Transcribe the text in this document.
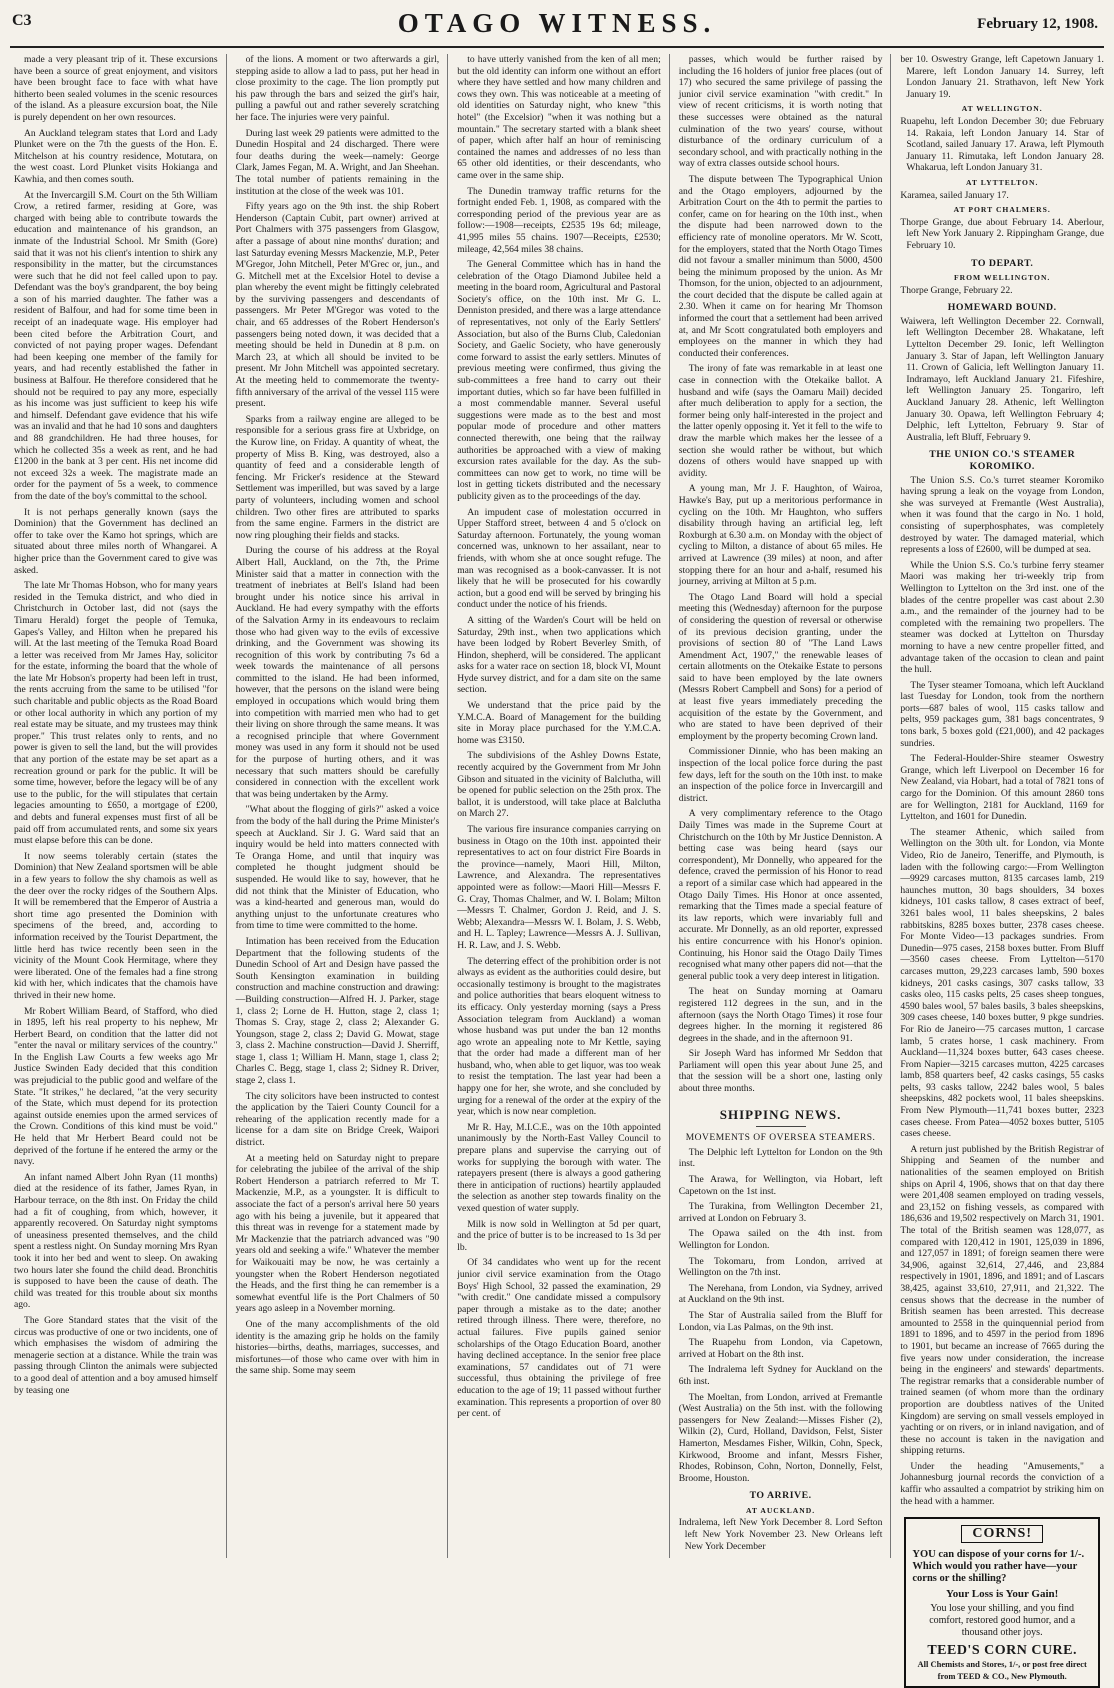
C3	OTAGO WITNESS.	February 12, 1908.

made a very pleasant trip of it. These excursions have been a source of great enjoyment, and visitors have been brought face to face with what have hitherto been sealed volumes in the scenic resources of the island. As a pleasure excursion boat, the Nile is purely dependent on her own resources.

An Auckland telegram states that Lord and Lady Plunket were on the 7th the guests of the Hon. E. Mitchelson at his country residence, Motutara, on the west coast. Lord Plunket visits Hokianga and Kawhia, and then comes south.

At the Invercargill S.M. Court on the 5th William Crow, a retired farmer, residing at Gore, was charged with being able to contribute towards the education and maintenance of his grandson, an inmate of the Industrial School. Mr Smith (Gore) said that it was not his client's intention to shirk any responsibility in the matter, but the circumstances were such that he did not feel called upon to pay. Defendant was the boy's grandparent, the boy being a son of his married daughter. The father was a resident of Balfour, and had for some time been in receipt of an inadequate wage. His employer had been cited before the Arbitration Court, and convicted of not paying proper wages. Defendant had been keeping one member of the family for years, and had recently established the father in business at Balfour. He therefore considered that he should not be required to pay any more, especially as his income was just sufficient to keep his wife and himself. Defendant gave evidence that his wife was an invalid and that he had 10 sons and daughters and 88 grandchildren. He had three houses, for which he collected 35s a week as rent, and he had £1200 in the bank at 3 per cent. His net income did not exceed 32s a week. The magistrate made an order for the payment of 5s a week, to commence from the date of the boy's committal to the school.

It is not perhaps generally known (says the Dominion) that the Government has declined an offer to take over the Kamo hot springs, which are situated about three miles north of Whangarei. A higher price than the Government cared to give was asked.

The late Mr Thomas Hobson, who for many years resided in the Temuka district, and who died in Christchurch in October last, did not (says the Timaru Herald) forget the people of Temuka, Gapes's Valley, and Hilton when he prepared his will. At the last meeting of the Temuka Road Board a letter was received from Mr James Hay, solicitor for the estate, informing the board that the whole of the late Mr Hobson's property had been left in trust, the rents accruing from the same to be utilised "for such charitable and public objects as the Road Board or other local authority in which any portion of my real estate may be situate, and my trustees may think proper." This trust relates only to rents, and no power is given to sell the land, but the will provides that any portion of the estate may be set apart as a recreation ground or park for the public. It will be some time, however, before the legacy will be of any use to the public, for the will stipulates that certain legacies amounting to £650, a mortgage of £200, and debts and funeral expenses must first of all be paid off from accumulated rents, and some six years must elapse before this can be done.

It now seems tolerably certain (states the Dominion) that New Zealand sportsmen will be able in a few years to follow the shy chamois as well as the deer over the rocky ridges of the Southern Alps. It will be remembered that the Emperor of Austria a short time ago presented the Dominion with specimens of the breed, and, according to information received by the Tourist Department, the little herd has twice recently been seen in the vicinity of the Mount Cook Hermitage, where they were liberated. One of the females had a fine strong kid with her, which indicates that the chamois have thrived in their new home.

Mr Robert William Beard, of Stafford, who died in 1895, left his real property to his nephew, Mr Herbert Beard, on condition that the latter did not "enter the naval or military services of the country." In the English Law Courts a few weeks ago Mr Justice Swinden Eady decided that this condition was prejudicial to the public good and welfare of the State. "It strikes," he declared, "at the very security of the State, which must depend for its protection against outside enemies upon the armed services of the Crown. Conditions of this kind must be void." He held that Mr Herbert Beard could not be deprived of the fortune if he entered the army or the navy.

An infant named Albert John Ryan (11 months) died at the residence of its father, James Ryan, in Harbour terrace, on the 8th inst. On Friday the child had a fit of coughing, from which, however, it apparently recovered. On Saturday night symptoms of uneasiness presented themselves, and the child spent a restless night. On Sunday morning Mrs Ryan took it into her bed and went to sleep. On awaking two hours later she found the child dead. Bronchitis is supposed to have been the cause of death. The child was treated for this trouble about six months ago.

The Gore Standard states that the visit of the circus was productive of one or two incidents, one of which emphasises the wisdom of admiring the menagerie section at a distance. While the train was passing through Clinton the animals were subjected to a good deal of attention and a boy amused himself by teasing one

of the lions. A moment or two afterwards a girl, stepping aside to allow a lad to pass, put her head in close proximity to the cage. The lion promptly put his paw through the bars and seized the girl's hair, pulling a pawful out and rather severely scratching her face. The injuries were very painful.

During last week 29 patients were admitted to the Dunedin Hospital and 24 discharged. There were four deaths during the week—namely: George Clark, James Fegan, M. A. Wright, and Jan Sheehan. The total number of patients remaining in the institution at the close of the week was 101.

Fifty years ago on the 9th inst. the ship Robert Henderson (Captain Cubit, part owner) arrived at Port Chalmers with 375 passengers from Glasgow, after a passage of about nine months' duration; and last Saturday evening Messrs Mackenzie, M.P., Peter M'Gregor, John Mitchell, Peter M'Grec or, jun., and G. Mitchell met at the Excelsior Hotel to devise a plan whereby the event might be fittingly celebrated by the surviving passengers and descendants of passengers. Mr Peter M'Gregor was voted to the chair, and 65 addresses of the Robert Henderson's passengers being noted down, it was decided that a meeting should be held in Dunedin at 8 p.m. on March 23, at which all should be invited to be present. Mr John Mitchell was appointed secretary. At the meeting held to commemorate the twenty-fifth anniversary of the arrival of the vessel 115 were present.

Sparks from a railway engine are alleged to be responsible for a serious grass fire at Uxbridge, on the Kurow line, on Friday. A quantity of wheat, the property of Miss B. King, was destroyed, also a quantity of feed and a considerable length of fencing. Mr Fricker's residence at the Steward Settlement was imperilled, but was saved by a large party of volunteers, including women and school children. Two other fires are attributed to sparks from the same engine. Farmers in the district are now ring ploughing their fields and stacks.

During the course of his address at the Royal Albert Hall, Auckland, on the 7th, the Prime Minister said that a matter in connection with the treatment of inebriates at Bell's Island had been brought under his notice since his arrival in Auckland. He had every sympathy with the efforts of the Salvation Army in its endeavours to reclaim those who had given way to the evils of excessive drinking, and the Government was showing its recognition of this work by contributing 7s 6d a week towards the maintenance of all persons committed to the island. He had been informed, however, that the persons on the island were being employed in occupations which would bring them into competition with married men who had to get their living on shore through the same means. It was a recognised principle that where Government money was used in any form it should not be used for the purpose of hurting others, and it was necessary that such matters should be carefully considered in connection with the excellent work that was being undertaken by the Army.

"What about the flogging of girls?" asked a voice from the body of the hall during the Prime Minister's speech at Auckland. Sir J. G. Ward said that an inquiry would be held into matters connected with Te Oranga Home, and until that inquiry was completed he thought judgment should be suspended. He would like to say, however, that he did not think that the Minister of Education, who was a kind-hearted and generous man, would do anything unjust to the unfortunate creatures who from time to time were committed to the home.

Intimation has been received from the Education Department that the following students of the Dunedin School of Art and Design have passed the South Kensington examination in building construction and machine construction and drawing:—Building construction—Alfred H. J. Parker, stage 1, class 2; Lorne de H. Hutton, stage 2, class 1; Thomas S. Cray, stage 2, class 2; Alexander G. Youngson, stage 2, class 2; David G. Mowat, stage 3, class 2. Machine construction—David J. Sherriff, stage 1, class 1; William H. Mann, stage 1, class 2; Charles C. Begg, stage 1, class 2; Sidney R. Driver, stage 2, class 1.

The city solicitors have been instructed to contest the application by the Taieri County Council for a rehearing of the application recently made for a license for a dam site on Bridge Creek, Waipori district.

At a meeting held on Saturday night to prepare for celebrating the jubilee of the arrival of the ship Robert Henderson a patriarch referred to Mr T. Mackenzie, M.P., as a youngster. It is difficult to associate the fact of a person's arrival here 50 years ago with his being a juvenile, but it appeared that this threat was in revenge for a statement made by Mr Mackenzie that the patriarch advanced was "90 years old and seeking a wife." Whatever the member for Waikouaiti may be now, he was certainly a youngster when the Robert Henderson negotiated the Heads, and the first thing he can remember is a somewhat eventful life is the Port Chalmers of 50 years ago asleep in a November morning.

One of the many accomplishments of the old identity is the amazing grip he holds on the family histories—births, deaths, marriages, successes, and misfortunes—of those who came over with him in the same ship. Some may seem

to have utterly vanished from the ken of all men; but the old identity can inform one without an effort where they have settled and how many children and cows they own. This was noticeable at a meeting of old identities on Saturday night, who knew "this hotel" (the Excelsior) "when it was nothing but a mountain." The secretary started with a blank sheet of paper, which after half an hour of reminiscing contained the names and addresses of no less than 65 other old identities, or their descendants, who came over in the same ship.

The Dunedin tramway traffic returns for the fortnight ended Feb. 1, 1908, as compared with the corresponding period of the previous year are as follow:—1908—receipts, £2535 19s 6d; mileage, 41,995 miles 55 chains. 1907—Receipts, £2530; mileage, 42,564 miles 38 chains.

The General Committee which has in hand the celebration of the Otago Diamond Jubilee held a meeting in the board room, Agricultural and Pastoral Society's office, on the 10th inst. Mr G. L. Denniston presided, and there was a large attendance of representatives, not only of the Early Settlers' Association, but also of the Burns Club, Caledonian Society, and Gaelic Society, who have generously come forward to assist the early settlers. Minutes of previous meeting were confirmed, thus giving the sub-committees a free hand to carry out their important duties, which so far have been fulfilled in a most commendable manner. Several useful suggestions were made as to the best and most popular mode of procedure and other matters connected therewith, one being that the railway authorities be approached with a view of making excursion rates available for the day. As the sub-committees can now get to work, no time will be lost in getting tickets distributed and the necessary publicity given as to the proceedings of the day.

An impudent case of molestation occurred in Upper Stafford street, between 4 and 5 o'clock on Saturday afternoon. Fortunately, the young woman concerned was, unknown to her assailant, near to friends, with whom she at once sought refuge. The man was recognised as a book-canvasser. It is not likely that he will be prosecuted for his cowardly action, but a good end will be served by bringing his conduct under the notice of his friends.

A sitting of the Warden's Court will be held on Saturday, 29th inst., when two applications which have been lodged by Robert Beverley Smith, of Hindon, shepherd, will be considered. The applicant asks for a water race on section 18, block VI, Mount Hyde survey district, and for a dam site on the same section.

We understand that the price paid by the Y.M.C.A. Board of Management for the building site in Moray place purchased for the Y.M.C.A. home was £3150.

The subdivisions of the Ashley Downs Estate, recently acquired by the Government from Mr John Gibson and situated in the vicinity of Balclutha, will be opened for public selection on the 25th prox. The ballot, it is understood, will take place at Balclutha on March 27.

The various fire insurance companies carrying on business in Otago on the 10th inst. appointed their representatives to act on four district Fire Boards in the province—namely, Maori Hill, Milton, Lawrence, and Alexandra. The representatives appointed were as follow:—Maori Hill—Messrs F. G. Cray, Thomas Chalmer, and W. I. Bolam; Milton—Messrs T. Chalmer, Gordon J. Reid, and J. S. Webb; Alexandra—Messrs W. I. Bolam, J. S. Webb, and H. L. Tapley; Lawrence—Messrs A. J. Sullivan, H. R. Law, and J. S. Webb.

The deterring effect of the prohibition order is not always as evident as the authorities could desire, but occasionally testimony is brought to the magistrates and police authorities that bears eloquent witness to its efficacy. Only yesterday morning (says a Press Association telegram from Auckland) a woman whose husband was put under the ban 12 months ago wrote an appealing note to Mr Kettle, saying that the order had made a different man of her husband, who, when able to get liquor, was too weak to resist the temptation. The last year had been a happy one for her, she wrote, and she concluded by urging for a renewal of the order at the expiry of the year, which is now near completion.

Mr R. Hay, M.I.C.E., was on the 10th appointed unanimously by the North-East Valley Council to prepare plans and supervise the carrying out of works for supplying the borough with water. The ratepayers present (there is always a good gathering there in anticipation of ructions) heartily applauded the selection as another step towards finality on the vexed question of water supply.

Milk is now sold in Wellington at 5d per quart, and the price of butter is to be increased to 1s 3d per lb.

Of 34 candidates who went up for the recent junior civil service examination from the Otago Boys' High School, 32 passed the examination, 29 "with credit." One candidate missed a compulsory paper through a mistake as to the date; another retired through illness. There were, therefore, no actual failures. Five pupils gained senior scholarships of the Otago Education Board, another having declined acceptance. In the senior free place examinations, 57 candidates out of 71 were successful, thus obtaining the privilege of free education to the age of 19; 11 passed without further examination. This represents a proportion of over 80 per cent. of

passes, which would be further raised by including the 16 holders of junior free places (out of 17) who secured the same privilege of passing the junior civil service examination "with credit." In view of recent criticisms, it is worth noting that these successes were obtained as the natural culmination of the two years' course, without disturbance of the ordinary curriculum of a secondary school, and with practically nothing in the way of extra classes outside school hours.

The dispute between The Typographical Union and the Otago employers, adjourned by the Arbitration Court on the 4th to permit the parties to confer, came on for hearing on the 10th inst., when the dispute had been narrowed down to the efficiency rate of monoline operators. Mr W. Scott, for the employers, stated that the North Otago Times did not favour a smaller minimum than 5000, 4500 being the minimum proposed by the union. As Mr Thomson, for the union, objected to an adjournment, the court decided that the dispute be called again at 2.30. When it came on for hearing Mr Thomson informed the court that a settlement had been arrived at, and Mr Scott congratulated both employers and employees on the manner in which they had conducted their conferences.

The irony of fate was remarkable in at least one case in connection with the Otekaike ballot. A husband and wife (says the Oamaru Mail) decided after much deliberation to apply for a section, the former being only half-interested in the project and the latter openly opposing it. Yet it fell to the wife to draw the marble which makes her the lessee of a section she would rather be without, but which dozens of others would have snapped up with avidity.

A young man, Mr J. F. Haughton, of Wairoa, Hawke's Bay, put up a meritorious performance in cycling on the 10th. Mr Haughton, who suffers disability through having an artificial leg, left Roxburgh at 6.30 a.m. on Monday with the object of cycling to Milton, a distance of about 65 miles. He arrived at Lawrence (39 miles) at noon, and after stopping there for an hour and a-half, resumed his journey, arriving at Milton at 5 p.m.

The Otago Land Board will hold a special meeting this (Wednesday) afternoon for the purpose of considering the question of reversal or otherwise of its previous decision granting, under the provisions of section 80 of "The Land Laws Amendment Act, 1907," the renewable leases of certain allotments on the Otekaike Estate to persons said to have been employed by the late owners (Messrs Robert Campbell and Sons) for a period of at least five years immediately preceding the acquisition of the estate by the Government, and who are stated to have been deprived of their employment by the property becoming Crown land.

Commissioner Dinnie, who has been making an inspection of the local police force during the past few days, left for the south on the 10th inst. to make an inspection of the police force in Invercargill and district.

A very complimentary reference to the Otago Daily Times was made in the Supreme Court at Christchurch on the 10th by Mr Justice Denniston. A betting case was being heard (says our correspondent), Mr Donnelly, who appeared for the defence, craved the permission of his Honor to read a report of a similar case which had appeared in the Otago Daily Times. His Honor at once assented, remarking that the Times made a special feature of its law reports, which were invariably full and accurate. Mr Donnelly, as an old reporter, expressed his entire concurrence with his Honor's opinion. Continuing, his Honor said the Otago Daily Times recognised what many other papers did not—that the general public took a very deep interest in litigation.

The heat on Sunday morning at Oamaru registered 112 degrees in the sun, and in the afternoon (says the North Otago Times) it rose four degrees higher. In the morning it registered 86 degrees in the shade, and in the afternoon 91.

Sir Joseph Ward has informed Mr Seddon that Parliament will open this year about June 25, and that the session will be a short one, lasting only about three months.

SHIPPING NEWS.
MOVEMENTS OF OVERSEA STEAMERS.

The Delphic left Lyttelton for London on the 9th inst.

The Arawa, for Wellington, via Hobart, left Capetown on the 1st inst.

The Turakina, from Wellington December 21, arrived at London on February 3.

The Opawa sailed on the 4th inst. from Wellington for London.

The Tokomaru, from London, arrived at Wellington on the 7th inst.

The Nerehana, from London, via Sydney, arrived at Auckland on the 9th inst.

The Star of Australia sailed from the Bluff for London, via Las Palmas, on the 9th inst.

The Ruapehu from London, via Capetown, arrived at Hobart on the 8th inst.

The Indralema left Sydney for Auckland on the 6th inst.

The Moeltan, from London, arrived at Fremantle (West Australia) on the 5th inst. with the following passengers for New Zealand:—Misses Fisher (2), Wilkin (2), Curd, Holland, Davidson, Felst, Sister Hamerton, Mesdames Fisher, Wilkin, Cohn, Speck, Kirkwood, Broome and infant, Messrs Fisher, Rhodes, Robinson, Cohn, Norton, Donnelly, Felst, Broome, Houston.

TO ARRIVE.
AT AUCKLAND.

Indralema, left New York December 8. Lord Sefton left New York November 23. New Orleans left New York December

ber 10. Oswestry Grange, left Capetown January 1. Marere, left London January 14. Surrey, left London January 21. Strathavon, left New York January 19.

AT WELLINGTON.

Ruapehu, left London December 30; due February 14. Rakaia, left London January 14. Star of Scotland, sailed January 17. Arawa, left Plymouth January 11. Rimutaka, left London January 28. Whakarua, left London January 31.

AT LYTTELTON.

Karamea, sailed January 17.

AT PORT CHALMERS.

Thorpe Grange, due about February 14. Aberlour, left New York January 2. Rippingham Grange, due February 10.

TO DEPART.
FROM WELLINGTON.

Thorpe Grange, February 22.

HOMEWARD BOUND.

Waiwera, left Wellington December 22. Cornwall, left Wellington December 28. Whakatane, left Lyttelton December 29. Ionic, left Wellington January 3. Star of Japan, left Wellington January 11. Crown of Galicia, left Wellington January 11. Indramayo, left Auckland January 21. Fifeshire, left Wellington January 25. Tongariro, left Auckland January 28. Athenic, left Wellington January 30. Opawa, left Wellington February 4; Delphic, left Lyttelton, February 9. Star of Australia, left Bluff, February 9.

THE UNION CO.'S STEAMER KOROMIKO.

The Union S.S. Co.'s turret steamer Koromiko having sprung a leak on the voyage from London, she was surveyed at Fremantle (West Australia), when it was found that the cargo in No. 1 hold, consisting of superphosphates, was completely destroyed by water. The damaged material, which represents a loss of £2600, will be dumped at sea.

While the Union S.S. Co.'s turbine ferry steamer Maori was making her tri-weekly trip from Wellington to Lyttelton on the 3rd inst. one of the blades of the centre propeller was cast about 2.30 a.m., and the remainder of the journey had to be completed with the remaining two propellers. The steamer was docked at Lyttelton on Thursday morning to have a new centre propeller fitted, and advantage taken of the occasion to clean and paint the hull.

The Tyser steamer Tomoana, which left Auckland last Tuesday for London, took from the northern ports—687 bales of wool, 115 casks tallow and pelts, 959 packages gum, 381 bags concentrates, 9 tons bark, 5 boxes gold (£21,000), and 42 packages sundries.

The Federal-Houlder-Shire steamer Oswestry Grange, which left Liverpool on December 16 for New Zealand, via Hobart, had a total of 7821 tons of cargo for the Dominion. Of this amount 2860 tons are for Wellington, 2181 for Auckland, 1169 for Lyttelton, and 1601 for Dunedin.

The steamer Athenic, which sailed from Wellington on the 30th ult. for London, via Monte Video, Rio de Janeiro, Teneriffe, and Plymouth, is laden with the following cargo:—From Wellington—9929 carcases mutton, 8135 carcases lamb, 219 haunches mutton, 30 bags shoulders, 34 boxes kidneys, 101 casks tallow, 8 cases extract of beef, 3261 bales wool, 11 bales sheepskins, 2 bales rabbitskins, 8285 boxes butter, 2378 cases cheese. For Monte Video—13 packages sundries. From Dunedin—975 cases, 2158 boxes butter. From Bluff—3560 cases cheese. From Lyttelton—5170 carcases mutton, 29,223 carcases lamb, 590 boxes kidneys, 201 casks casings, 307 casks tallow, 33 casks oleo, 115 casks pelts, 25 cases sheep tongues, 4590 bales wool, 57 bales basils, 3 bales sheepskins, 309 cases cheese, 140 boxes butter, 9 pkge sundries. For Rio de Janeiro—75 carcases mutton, 1 carcase lamb, 5 crates horse, 1 cask machinery. From Auckland—11,324 boxes butter, 643 cases cheese. From Napier—3215 carcases mutton, 4225 carcases lamb, 858 quarters beef, 42 casks casings, 55 casks pelts, 93 casks tallow, 2242 bales wool, 5 bales sheepskins, 482 pockets wool, 11 bales sheepskins. From New Plymouth—11,741 boxes butter, 2323 cases cheese. From Patea—4052 boxes butter, 5105 cases cheese.

A return just published by the British Registrar of Shipping and Seamen of the number and nationalities of the seamen employed on British ships on April 4, 1906, shows that on that day there were 201,408 seamen employed on trading vessels, and 23,152 on fishing vessels, as compared with 186,636 and 19,502 respectively on March 31, 1901. The total of the British seamen was 128,077, as compared with 120,412 in 1901, 125,039 in 1896, and 127,057 in 1891; of foreign seamen there were 34,906, against 32,614, 27,446, and 23,884 respectively in 1901, 1896, and 1891; and of Lascars 38,425, against 33,610, 27,911, and 21,322. The census shows that the decrease in the number of British seamen has been arrested. This decrease amounted to 2558 in the quinquennial period from 1891 to 1896, and to 4597 in the period from 1896 to 1901, but became an increase of 7665 during the five years now under consideration, the increase being in the engineers' and stewards' departments. The registrar remarks that a considerable number of trained seamen (of whom more than the ordinary proportion are doubtless natives of the United Kingdom) are serving on small vessels employed in yachting or on rivers, or in inland navigation, and of these no account is taken in the navigation and shipping returns.

Under the heading "Amusements," a Johannesburg journal records the conviction of a kaffir who assaulted a compatriot by striking him on the head with a hammer.

CORNS!

YOU can dispose of your corns for 1/-. Which would you rather have—your corns or the shilling?

Your Loss is Your Gain!

You lose your shilling, and you find comfort, restored good humor, and a thousand other joys.

TEED'S CORN CURE.

All Chemists and Stores, 1/-, or post free direct from TEED & CO., New Plymouth.
